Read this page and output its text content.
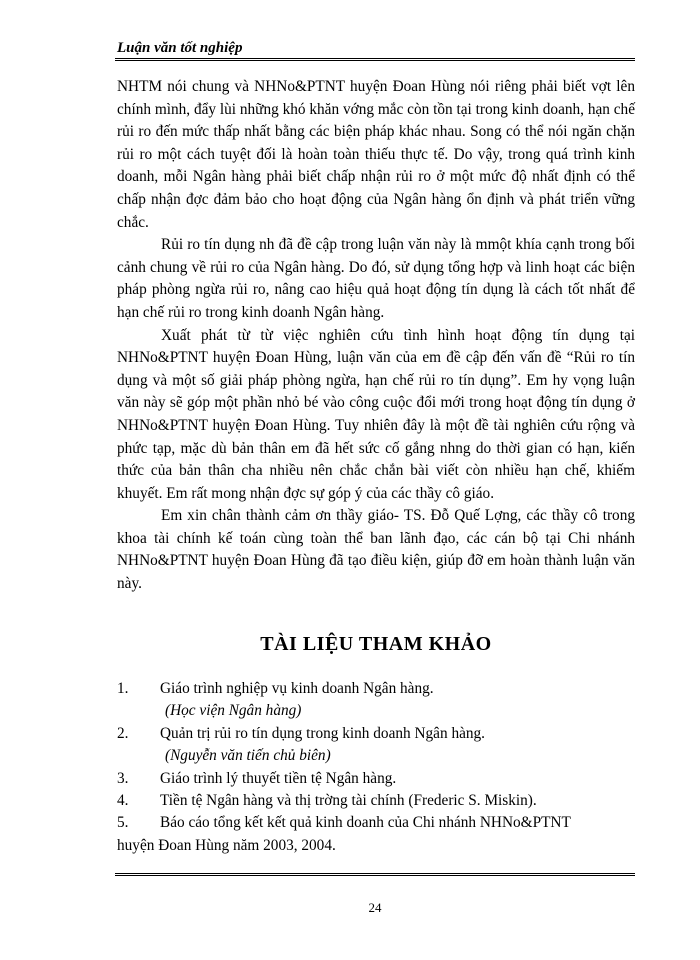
Luận văn tốt nghiệp

NHTM nói chung và NHNo&PTNT huyện Đoan Hùng nói riêng phải biết vợt lên chính mình, đẩy lùi những khó khăn vớng mắc còn tồn tại trong kinh doanh, hạn chế rủi ro đến mức thấp nhất bằng các biện pháp khác nhau. Song có thể nói ngăn chặn rủi ro một cách tuyệt đối là hoàn toàn thiếu thực tế. Do vậy, trong quá trình kinh doanh, mỗi Ngân hàng phải biết chấp nhận rủi ro ở một mức độ nhất định có thể chấp nhận đợc đảm bảo cho hoạt động của Ngân hàng ổn định và phát triển vững chắc.

Rủi ro tín dụng nh đã đề cập trong luận văn này là mmột khía cạnh trong bối cảnh chung về rủi ro của Ngân hàng. Do đó, sử dụng tổng hợp và linh hoạt các biện pháp phòng ngừa rủi ro, nâng cao hiệu quả hoạt động tín dụng là cách tốt nhất để hạn chế rủi ro trong kinh doanh Ngân hàng.

Xuất phát từ từ việc nghiên cứu tình hình hoạt động tín dụng tại NHNo&PTNT huyện Đoan Hùng, luận văn của em đề cập đến vấn đề “Rủi ro tín dụng và một số giải pháp phòng ngừa, hạn chế rủi ro tín dụng”. Em hy vọng luận văn này sẽ góp một phần nhỏ bé vào công cuộc đổi mới trong hoạt động tín dụng ở NHNo&PTNT huyện Đoan Hùng. Tuy nhiên đây là một đề tài nghiên cứu rộng và phức tạp, mặc dù bản thân em đã hết sức cố gắng nhng do thời gian có hạn, kiến thức của bản thân cha nhiều nên chắc chắn bài viết còn nhiều hạn chế, khiếm khuyết. Em rất mong nhận đợc sự góp ý của các thầy cô giáo.

Em xin chân thành cảm ơn thầy giáo- TS. Đỗ Quế Lợng, các thầy cô trong khoa tài chính kế toán cùng toàn thể ban lãnh đạo, các cán bộ tại Chi nhánh NHNo&PTNT huyện Đoan Hùng đã tạo điều kiện, giúp đỡ em hoàn thành luận văn này.

TÀI LIỆU THAM KHẢO
1.	Giáo trình nghiệp vụ kinh doanh Ngân hàng.
(Học viện Ngân hàng)
2.	Quản trị rủi ro tín dụng trong kinh doanh Ngân hàng.
(Nguyễn văn tiến chủ biên)
3.	Giáo trình lý thuyết tiền tệ Ngân hàng.
4.	Tiền tệ Ngân hàng và thị trờng tài chính (Frederic S. Miskin).
5.	Báo cáo tổng kết kết quả kinh doanh của Chi nhánh NHNo&PTNT
huyện Đoan Hùng năm 2003, 2004.
24
